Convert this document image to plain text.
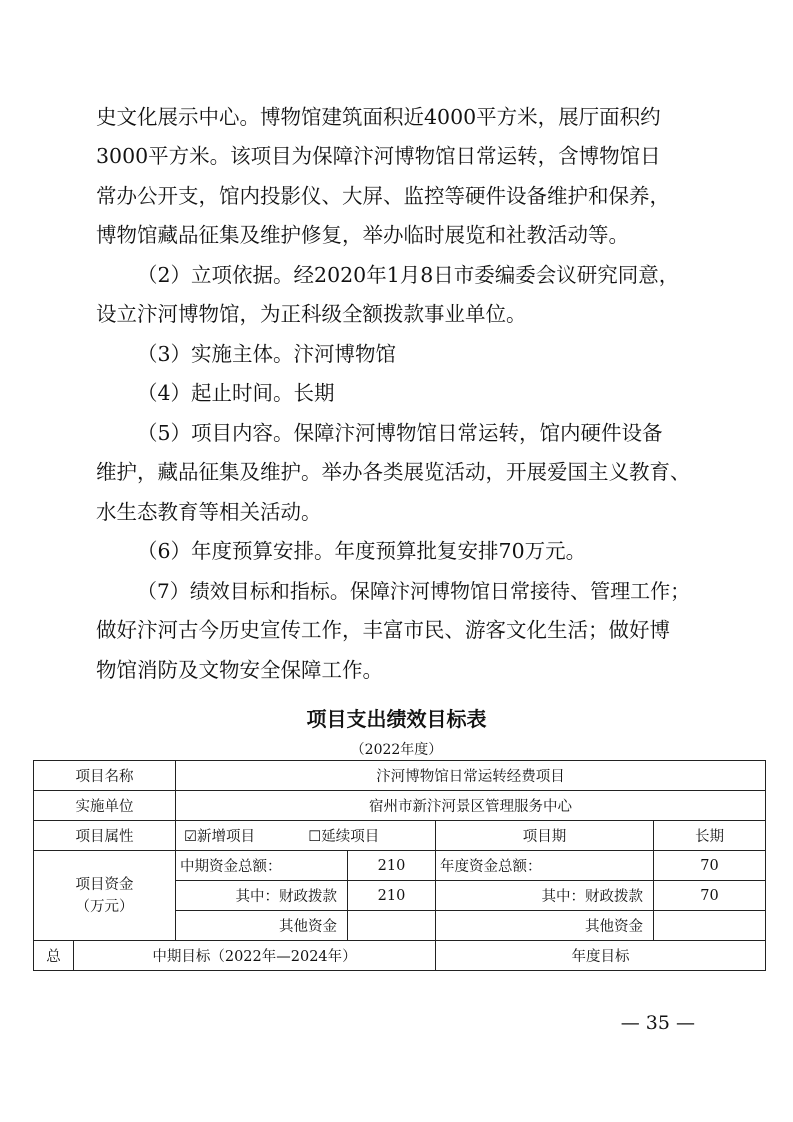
史文化展示中心。博物馆建筑面积近4000平方米，展厅面积约
3000平方米。该项目为保障汴河博物馆日常运转，含博物馆日
常办公开支，馆内投影仪、大屏、监控等硬件设备维护和保养，
博物馆藏品征集及维护修复，举办临时展览和社教活动等。
（2）立项依据。经2020年1月8日市委编委会议研究同意，
设立汴河博物馆，为正科级全额拨款事业单位。
（3）实施主体。汴河博物馆
（4）起止时间。长期
（5）项目内容。保障汴河博物馆日常运转，馆内硬件设备
维护，藏品征集及维护。举办各类展览活动，开展爱国主义教育、
水生态教育等相关活动。
（6）年度预算安排。年度预算批复安排70万元。
（7）绩效目标和指标。保障汴河博物馆日常接待、管理工作；
做好汴河古今历史宣传工作，丰富市民、游客文化生活；做好博
物馆消防及文物安全保障工作。

项目支出绩效目标表

（2022年度）

项目名称		汴河博物馆日常运转经费项目			
实施单位		宿州市新汴河景区管理服务中心			
项目属性		☑新增项目 ☐延续项目		项目期	长期

项目资金
（万元）		中期资金总额：	210	年度资金总额：	70
		其中：财政拨款	210	其中：财政拨款	70
		其他资金		其他资金	
总	中期目标（2022年—2024年）			年度目标	

— 35 —
